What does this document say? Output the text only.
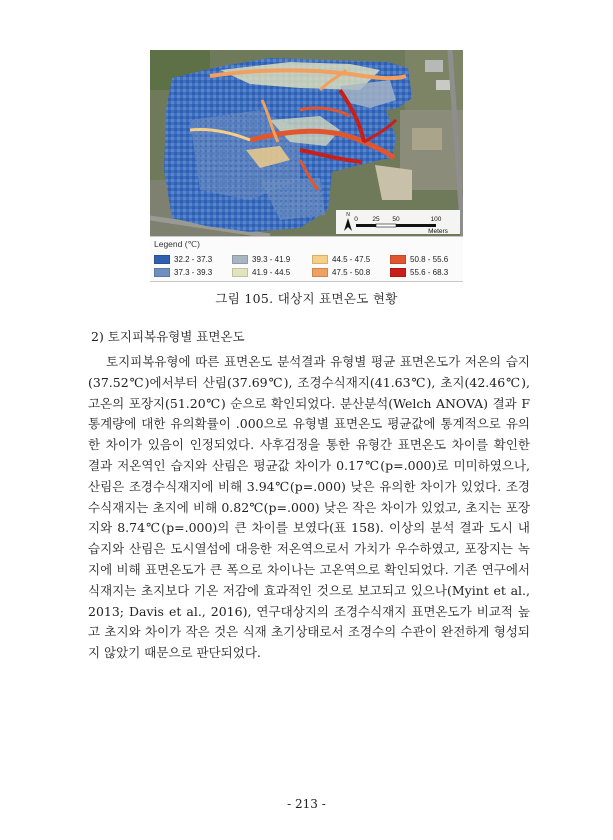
N
0 25 50	100
Meters
Legend (℃)
32.2 - 37.3
37.3 - 39.3
39.3 - 41.9
41.9 - 44.5
44.5 - 47.5
47.5 - 50.8
50.8 - 55.6
55.6 - 68.3
그림 105. 대상지 표면온도 현황
2) 토지피복유형별 표면온도
토지피복유형에 따른 표면온도 분석결과 유형별 평균 표면온도가 저온의 습지(37.52℃)에서부터 산림(37.69℃), 조경수식재지(41.63℃), 초지(42.46℃), 고온의 포장지(51.20℃) 순으로 확인되었다. 분산분석(Welch ANOVA) 결과 F통계량에 대한 유의확률이 .000으로 유형별 표면온도 평균값에 통계적으로 유의한 차이가 있음이 인정되었다. 사후검정을 통한 유형간 표면온도 차이를 확인한 결과 저온역인 습지와 산림은 평균값 차이가 0.17℃(p=.000)로 미미하였으나, 산림은 조경수식재지에 비해 3.94℃(p=.000) 낮은 유의한 차이가 있었다. 조경수식재지는 초지에 비해 0.82℃(p=.000) 낮은 작은 차이가 있었고, 초지는 포장지와 8.74℃(p=.000)의 큰 차이를 보였다(표 158). 이상의 분석 결과 도시 내 습지와 산림은 도시열섬에 대응한 저온역으로서 가치가 우수하였고, 포장지는 녹지에 비해 표면온도가 큰 폭으로 차이나는 고온역으로 확인되었다. 기존 연구에서 식재지는 초지보다 기온 저감에 효과적인 것으로 보고되고 있으나(Myint et al., 2013; Davis et al., 2016), 연구대상지의 조경수식재지 표면온도가 비교적 높고 초지와 차이가 작은 것은 식재 초기상태로서 조경수의 수관이 완전하게 형성되지 않았기 때문으로 판단되었다.
- 213 -
